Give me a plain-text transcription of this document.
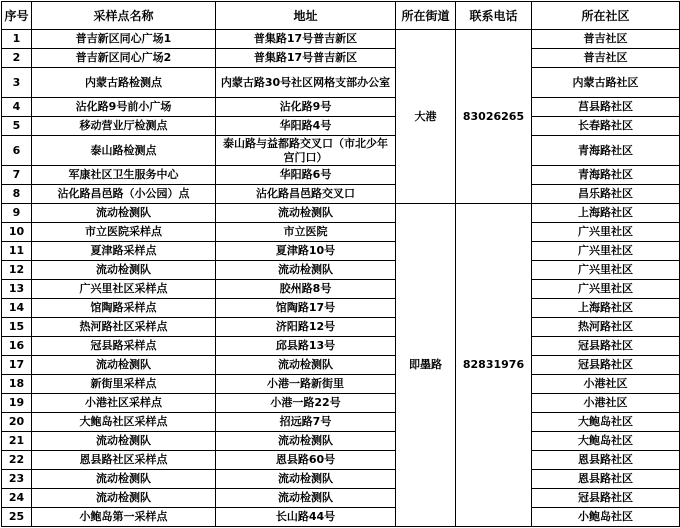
序号	采样点名称	地址	所在街道	联系电话	所在社区
1	普吉新区同心广场1	普集路17号普吉新区	大港	83026265	普吉社区
2	普吉新区同心广场2	普集路17号普吉新区			普吉社区
3	内蒙古路检测点	内蒙古路30号社区网格支部办公室			内蒙古路社区
4	沾化路9号前小广场	沾化路9号			莒县路社区
5	移动营业厅检测点	华阳路4号			长春路社区
6	泰山路检测点	泰山路与益都路交叉口（市北少年宫门口）			青海路社区
7	军康社区卫生服务中心	华阳路6号			青海路社区
8	沾化路昌邑路（小公园）点	沾化路昌邑路交叉口			昌乐路社区
9	流动检测队	流动检测队	即墨路	82831976	上海路社区
10	市立医院采样点	市立医院			广兴里社区
11	夏津路采样点	夏津路10号			广兴里社区
12	流动检测队	流动检测队			广兴里社区
13	广兴里社区采样点	胶州路8号			广兴里社区
14	馆陶路采样点	馆陶路17号			上海路社区
15	热河路社区采样点	济阳路12号			热河路社区
16	冠县路采样点	邱县路13号			冠县路社区
17	流动检测队	流动检测队			冠县路社区
18	新街里采样点	小港一路新街里			小港社区
19	小港社区采样点	小港一路22号			小港社区
20	大鲍岛社区采样点	招远路7号			大鲍岛社区
21	流动检测队	流动检测队			大鲍岛社区
22	恩县路社区采样点	恩县路60号			恩县路社区
23	流动检测队	流动检测队			恩县路社区
24	流动检测队	流动检测队			冠县路社区
25	小鲍岛第一采样点	长山路44号			小鲍岛社区
